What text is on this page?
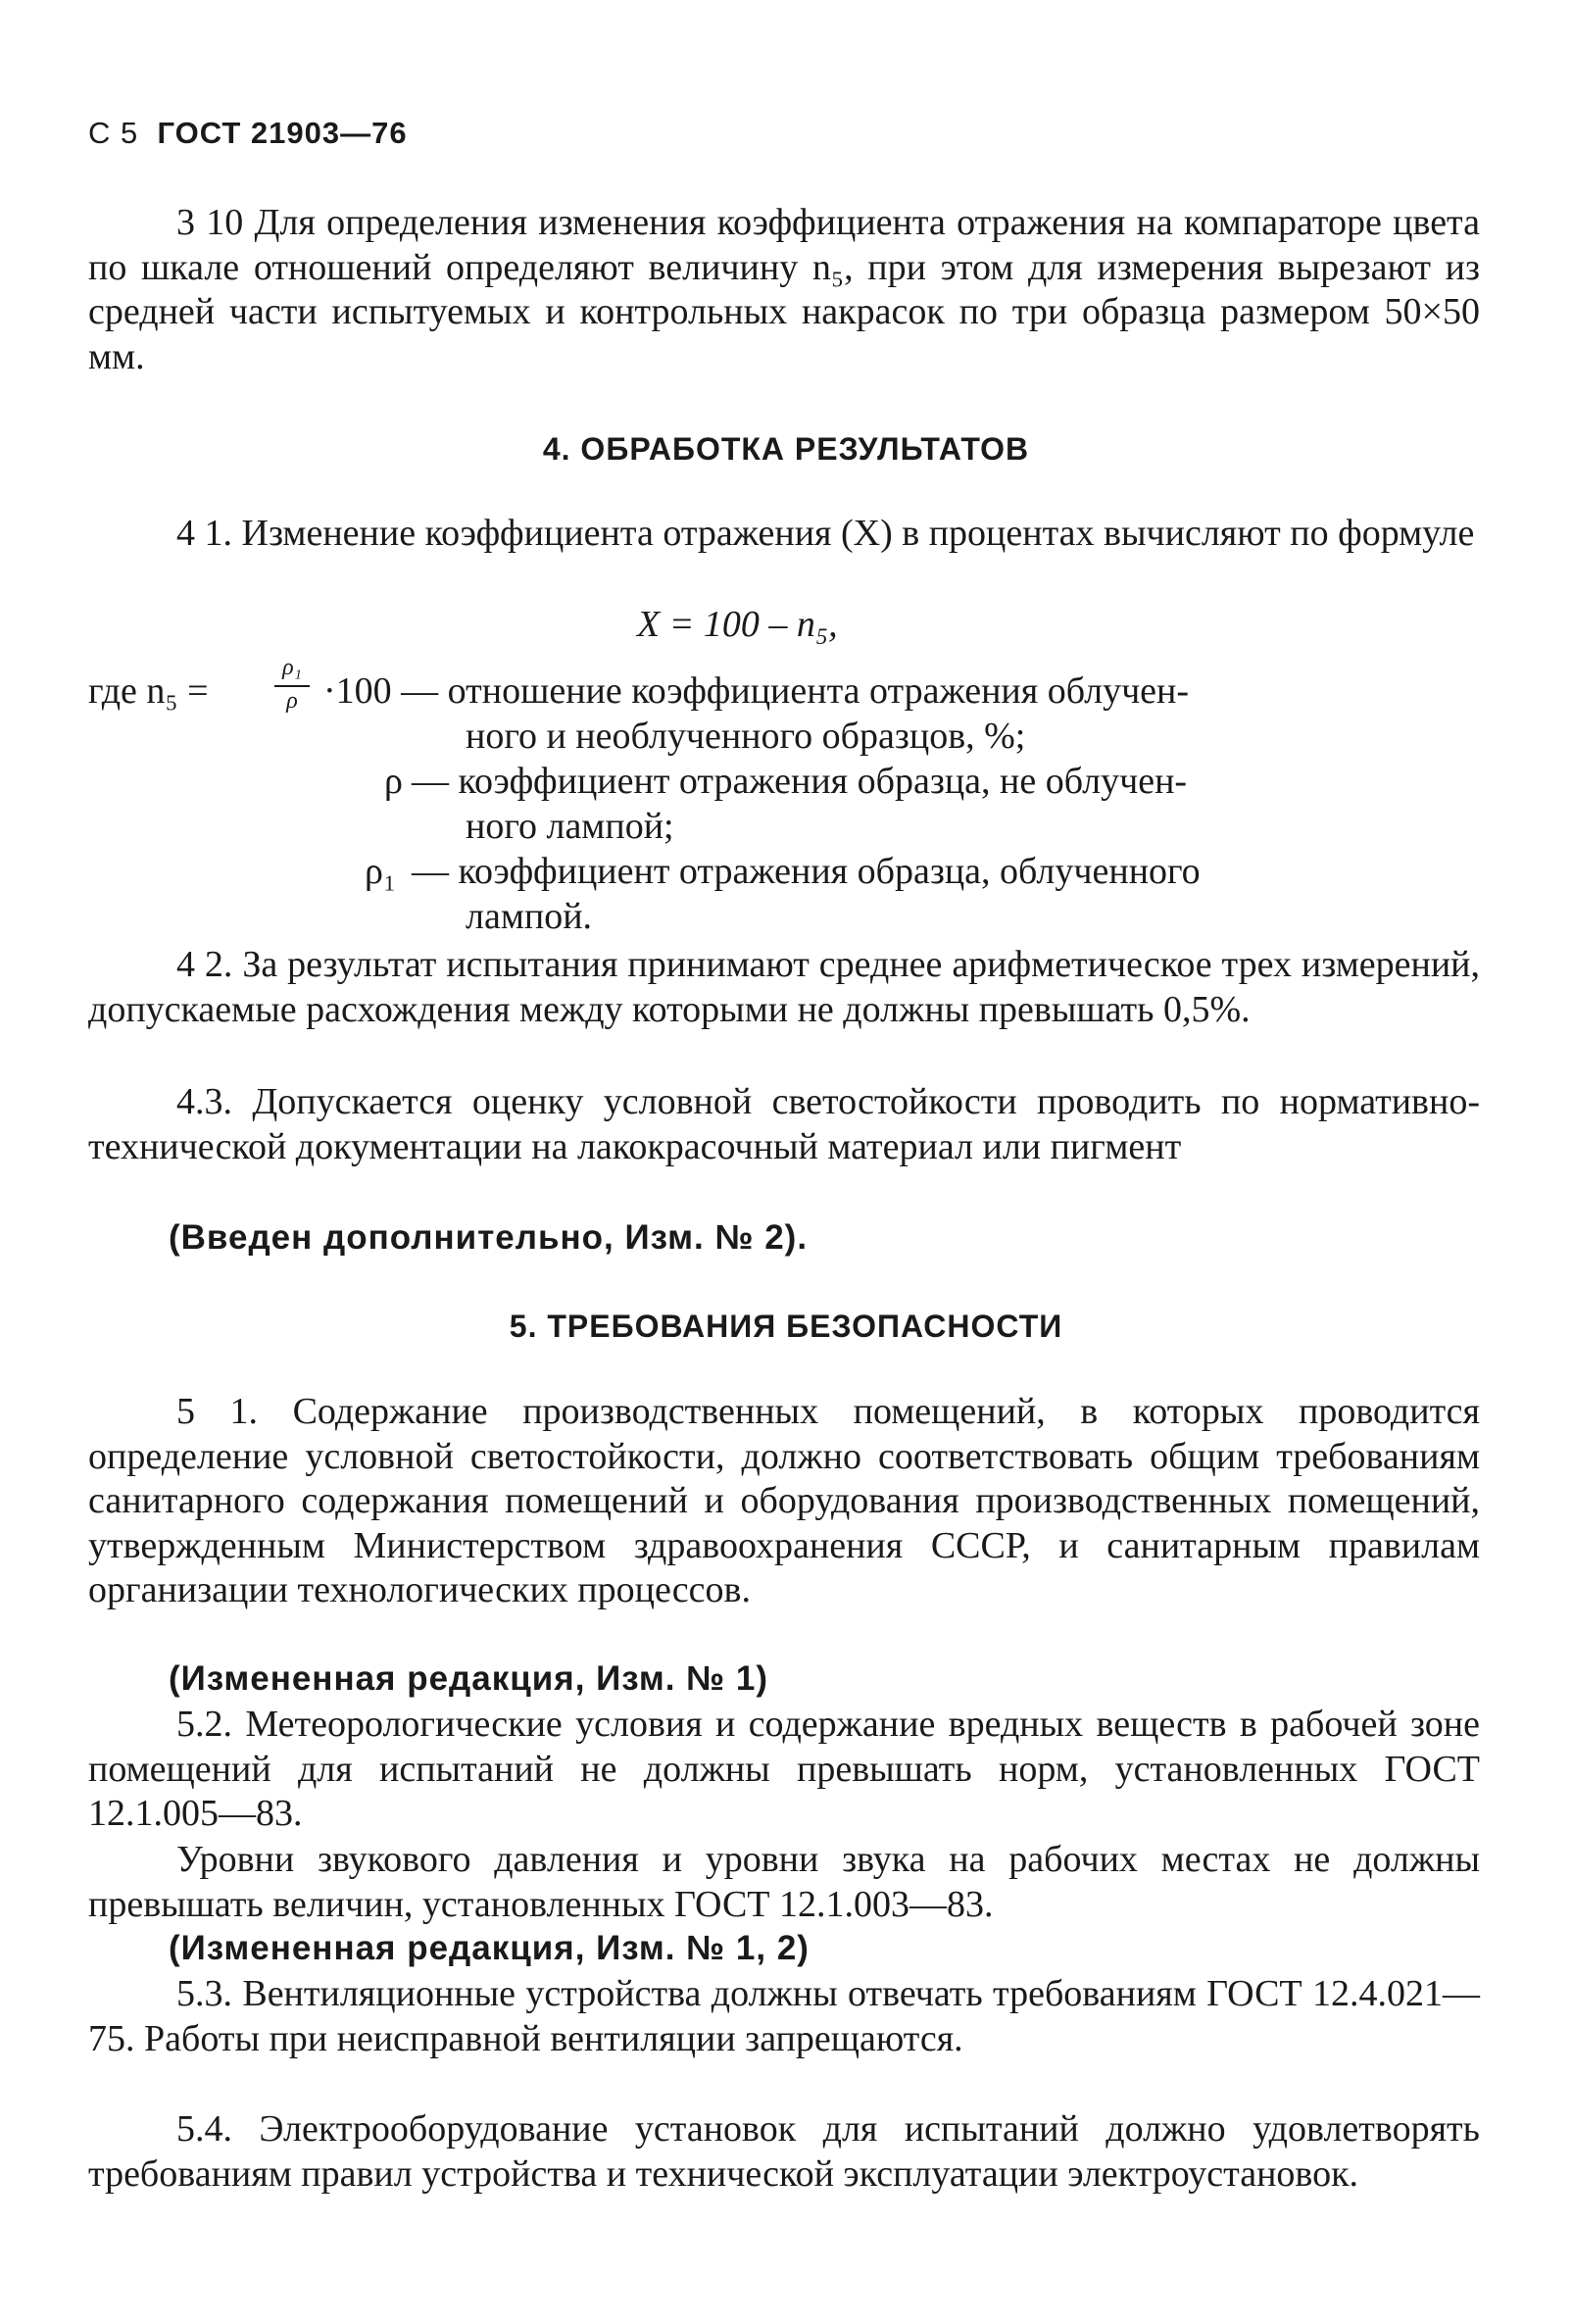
С 5 ГОСТ 21903—76
3 10 Для определения изменения коэффициента отражения на компараторе цвета по шкале отношений определяют величину n₅, при этом для измерения вырезают из средней части испытуемых и контрольных накрасок по три образца размером 50×50 мм.
4. ОБРАБОТКА РЕЗУЛЬТАТОВ
4 1. Изменение коэффициента отражения (X) в процентах вычисляют по формуле
X = 100 – n₅,
где n₅ =
ρ₁
ρ ·100 — отношение коэффициента отражения облучен-
ного и необлученного образцов, %;
ρ — коэффициент отражения образца, не облучен-
ного лампой;
ρ₁ — коэффициент отражения образца, облученного
лампой.
4 2. За результат испытания принимают среднее арифметическое трех измерений, допускаемые расхождения между которыми не должны превышать 0,5%.
4.3. Допускается оценку условной светостойкости проводить по нормативно-технической документации на лакокрасочный материал или пигмент
(Введен дополнительно, Изм. № 2).
5. ТРЕБОВАНИЯ БЕЗОПАСНОСТИ
5 1. Содержание производственных помещений, в которых проводится определение условной светостойкости, должно соответствовать общим требованиям санитарного содержания помещений и оборудования производственных помещений, утвержденным Министерством здравоохранения СССР, и санитарным правилам организации технологических процессов.
(Измененная редакция, Изм. № 1)
5.2. Метеорологические условия и содержание вредных веществ в рабочей зоне помещений для испытаний не должны превышать норм, установленных ГОСТ 12.1.005—83.
Уровни звукового давления и уровни звука на рабочих местах не должны превышать величин, установленных ГОСТ 12.1.003—83.
(Измененная редакция, Изм. № 1, 2)
5.3. Вентиляционные устройства должны отвечать требованиям ГОСТ 12.4.021—75. Работы при неисправной вентиляции запрещаются.
5.4. Электрооборудование установок для испытаний должно удовлетворять требованиям правил устройства и технической эксплуатации электроустановок.
